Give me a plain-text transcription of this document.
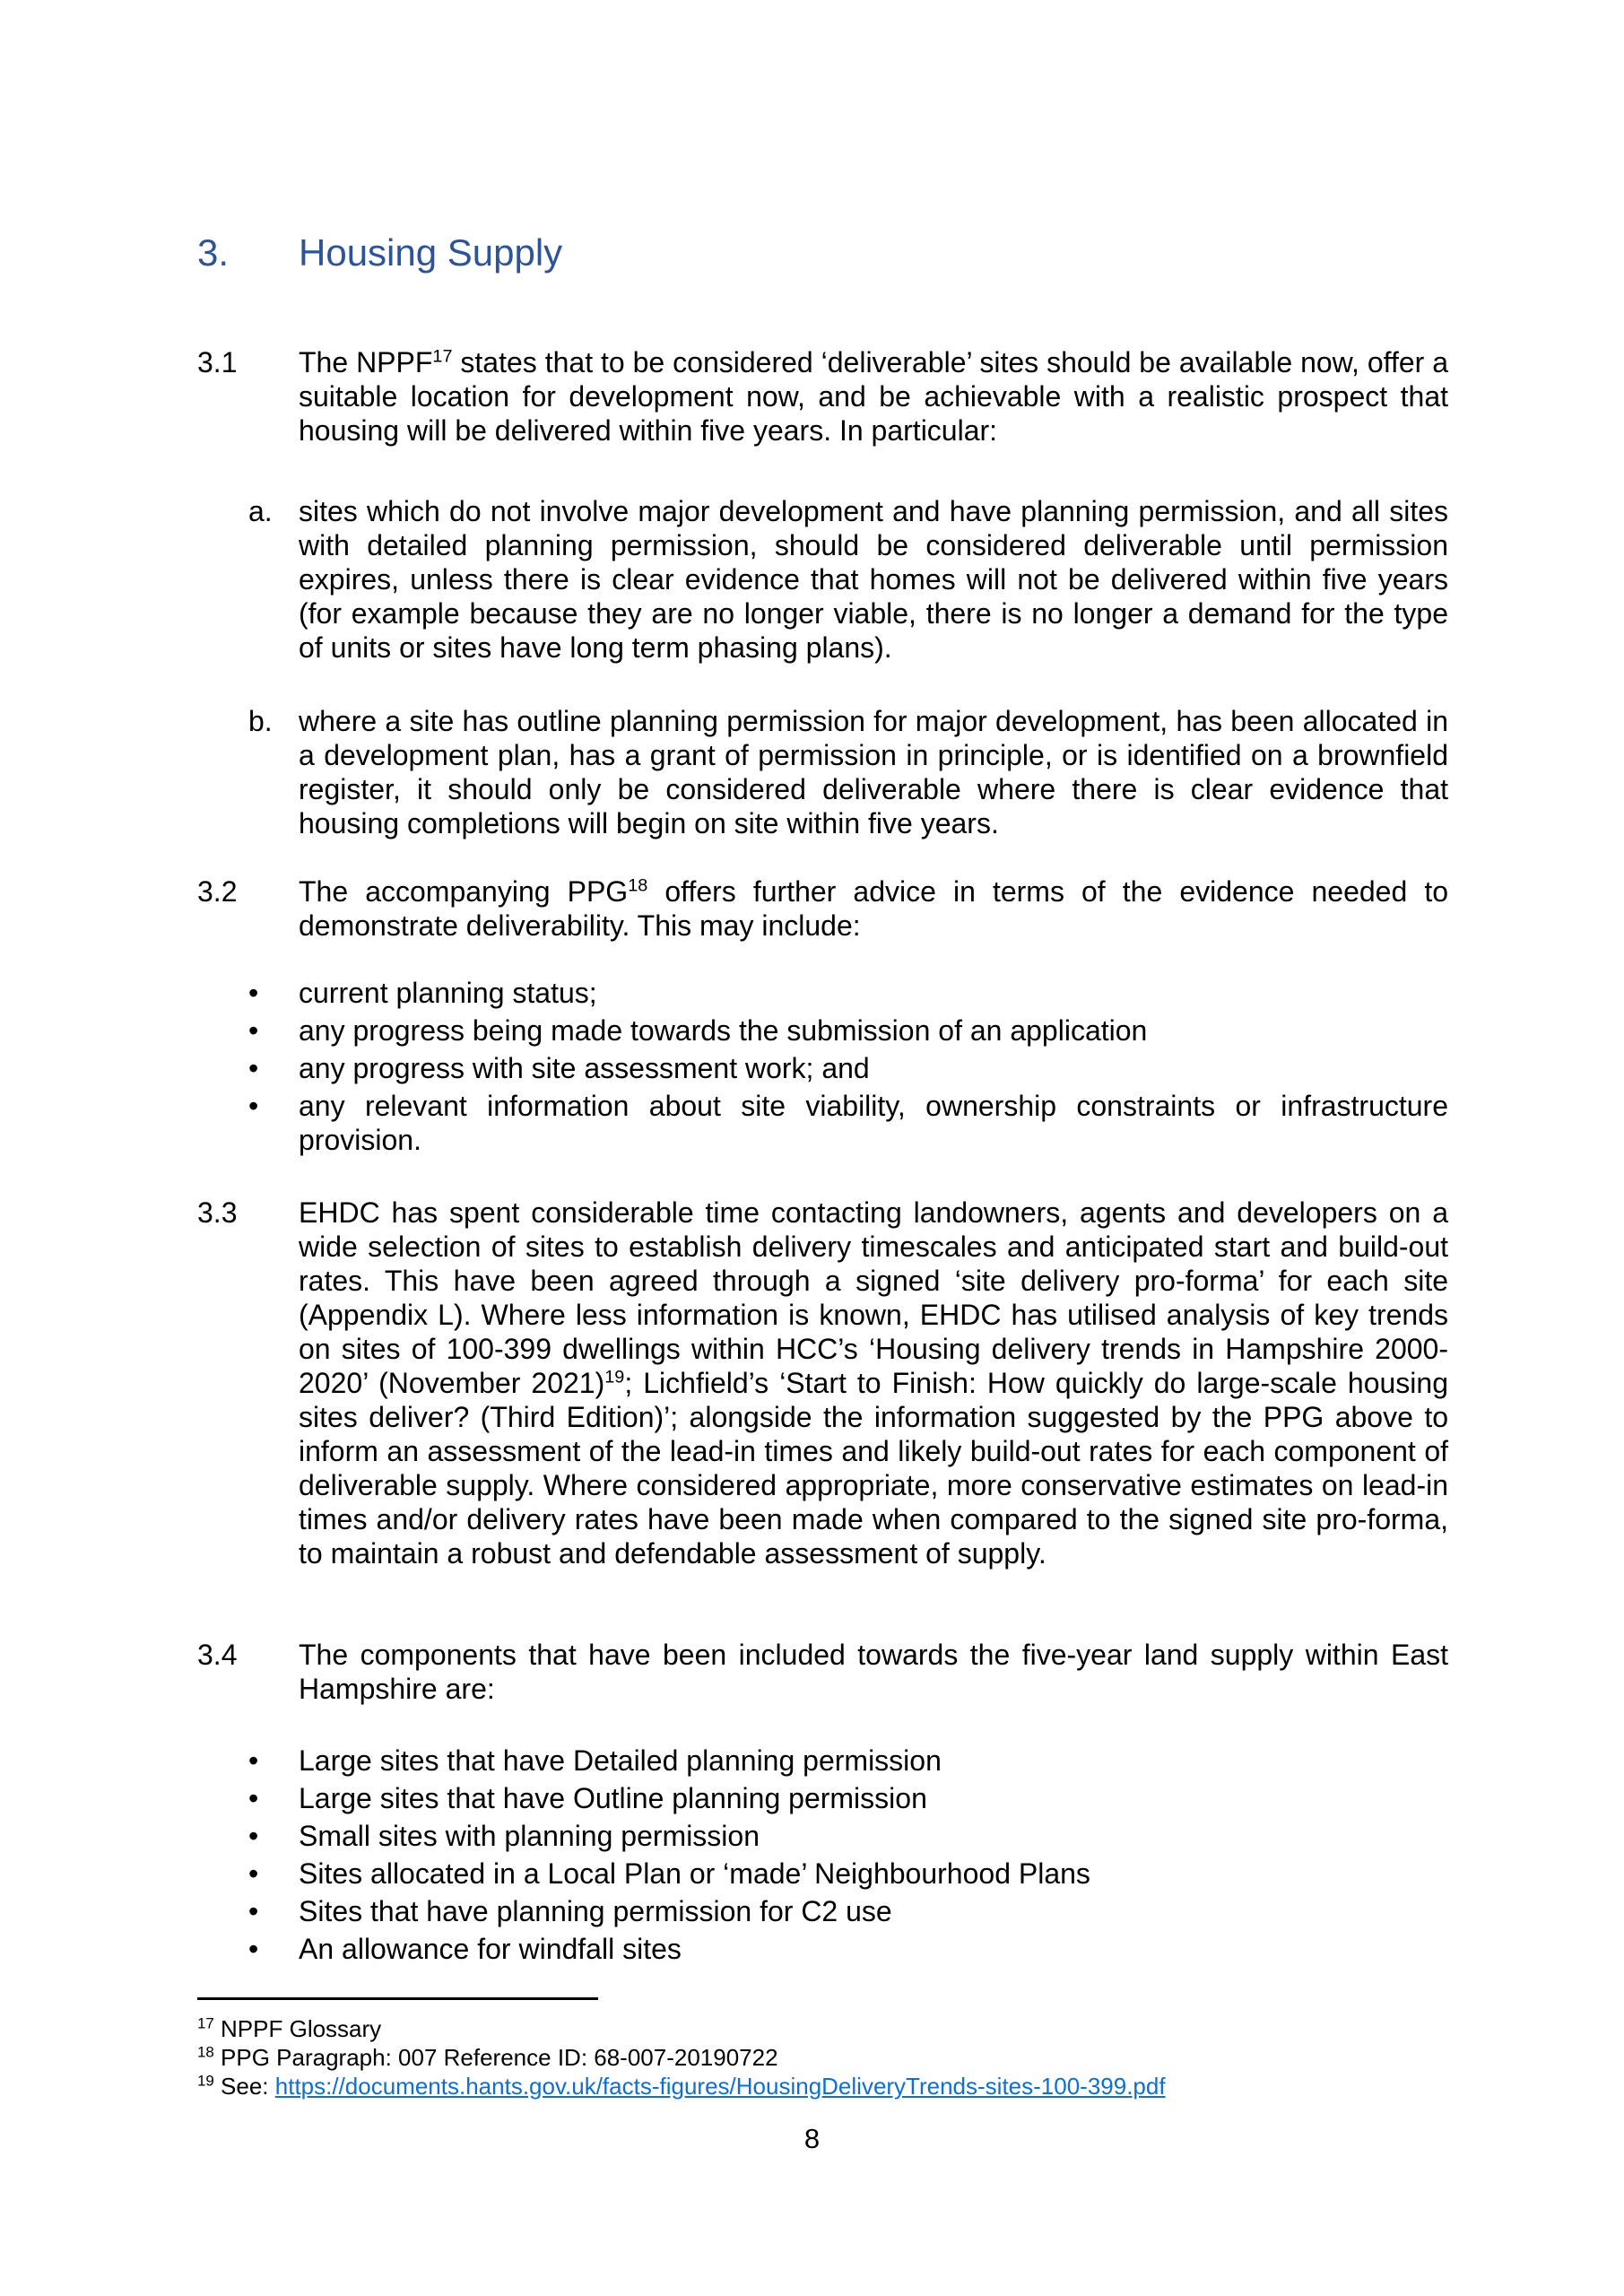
3.	Housing Supply
3.1	The NPPF$^{17}$ states that to be considered ‘deliverable’ sites should be available now, offer a suitable location for development now, and be achievable with a realistic prospect that housing will be delivered within five years. In particular:
a. sites which do not involve major development and have planning permission, and all sites with detailed planning permission, should be considered deliverable until permission expires, unless there is clear evidence that homes will not be delivered within five years (for example because they are no longer viable, there is no longer a demand for the type of units or sites have long term phasing plans).
b. where a site has outline planning permission for major development, has been allocated in a development plan, has a grant of permission in principle, or is identified on a brownfield register, it should only be considered deliverable where there is clear evidence that housing completions will begin on site within five years.
3.2	The accompanying PPG$^{18}$ offers further advice in terms of the evidence needed to demonstrate deliverability. This may include:
•	current planning status;
•	any progress being made towards the submission of an application
•	any progress with site assessment work; and
•	any relevant information about site viability, ownership constraints or infrastructure provision.
3.3	EHDC has spent considerable time contacting landowners, agents and developers on a wide selection of sites to establish delivery timescales and anticipated start and build-out rates. This have been agreed through a signed ‘site delivery pro-forma’ for each site (Appendix L). Where less information is known, EHDC has utilised analysis of key trends on sites of 100-399 dwellings within HCC’s ‘Housing delivery trends in Hampshire 2000-2020’ (November 2021)$^{19}$; Lichfield’s ‘Start to Finish: How quickly do large-scale housing sites deliver? (Third Edition)’; alongside the information suggested by the PPG above to inform an assessment of the lead-in times and likely build-out rates for each component of deliverable supply. Where considered appropriate, more conservative estimates on lead-in times and/or delivery rates have been made when compared to the signed site pro-forma, to maintain a robust and defendable assessment of supply.
3.4	The components that have been included towards the five-year land supply within East Hampshire are:
•	Large sites that have Detailed planning permission
•	Large sites that have Outline planning permission
•	Small sites with planning permission
•	Sites allocated in a Local Plan or ‘made’ Neighbourhood Plans
•	Sites that have planning permission for C2 use
•	An allowance for windfall sites
$^{17}$ NPPF Glossary
$^{18}$ PPG Paragraph: 007 Reference ID: 68-007-20190722
$^{19}$ See: https://documents.hants.gov.uk/facts-figures/HousingDeliveryTrends-sites-100-399.pdf
8
